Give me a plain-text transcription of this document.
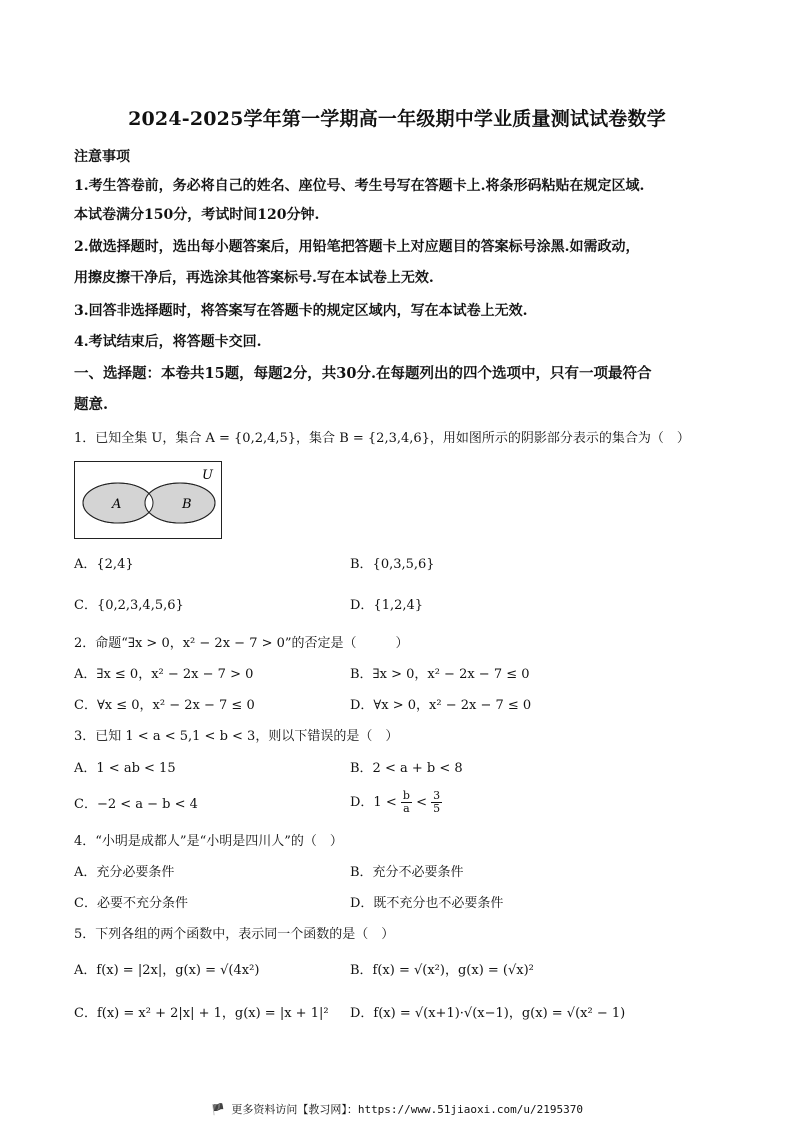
2024-2025学年第一学期高一年级期中学业质量测试试卷数学
注意事项
1.考生答卷前，务必将自己的姓名、座位号、考生号写在答题卡上.将条形码粘贴在规定区域.
本试卷满分150分，考试时间120分钟.
2.做选择题时，选出每小题答案后，用铅笔把答题卡上对应题目的答案标号涂黑.如需政动，
用擦皮擦干净后，再选涂其他答案标号.写在本试卷上无效.
3.回答非选择题时，将答案写在答题卡的规定区域内，写在本试卷上无效.
4.考试结束后，将答题卡交回.
一、选择题：本卷共15题，每题2分，共30分.在每题列出的四个选项中，只有一项最符合
题意.
1．已知全集 U，集合 A = {0,2,4,5}，集合 B = {2,3,4,6}，用如图所示的阴影部分表示的集合为（　）
U
A	B
A．{2,4}	B．{0,3,5,6}
C．{0,2,3,4,5,6}	D．{1,2,4}
2．命题“∃x > 0，x² − 2x − 7 > 0”的否定是（　　　）
A．∃x ≤ 0，x² − 2x − 7 > 0	B．∃x > 0，x² − 2x − 7 ≤ 0
C．∀x ≤ 0，x² − 2x − 7 ≤ 0	D．∀x > 0，x² − 2x − 7 ≤ 0
3．已知 1 < a < 5,1 < b < 3，则以下错误的是（　）
A．1 < ab < 15	B．2 < a + b < 8
C．−2 < a − b < 4	D．$1 < \frac{b}{a} < \frac{3}{5}$
4．“小明是成都人”是“小明是四川人”的（　）
A．充分必要条件	B．充分不必要条件
C．必要不充分条件	D．既不充分也不必要条件
5．下列各组的两个函数中，表示同一个函数的是（　）
A．f(x) = |2x|，g(x) = √(4x²)	B．f(x) = √(x²)，g(x) = (√x)²
C．f(x) = x² + 2|x| + 1，g(x) = |x + 1|² D．f(x) = √(x+1)·√(x−1)，g(x) = √(x² − 1)
🏴 更多资料访问【教习网】：https://www.51jiaoxi.com/u/2195370
